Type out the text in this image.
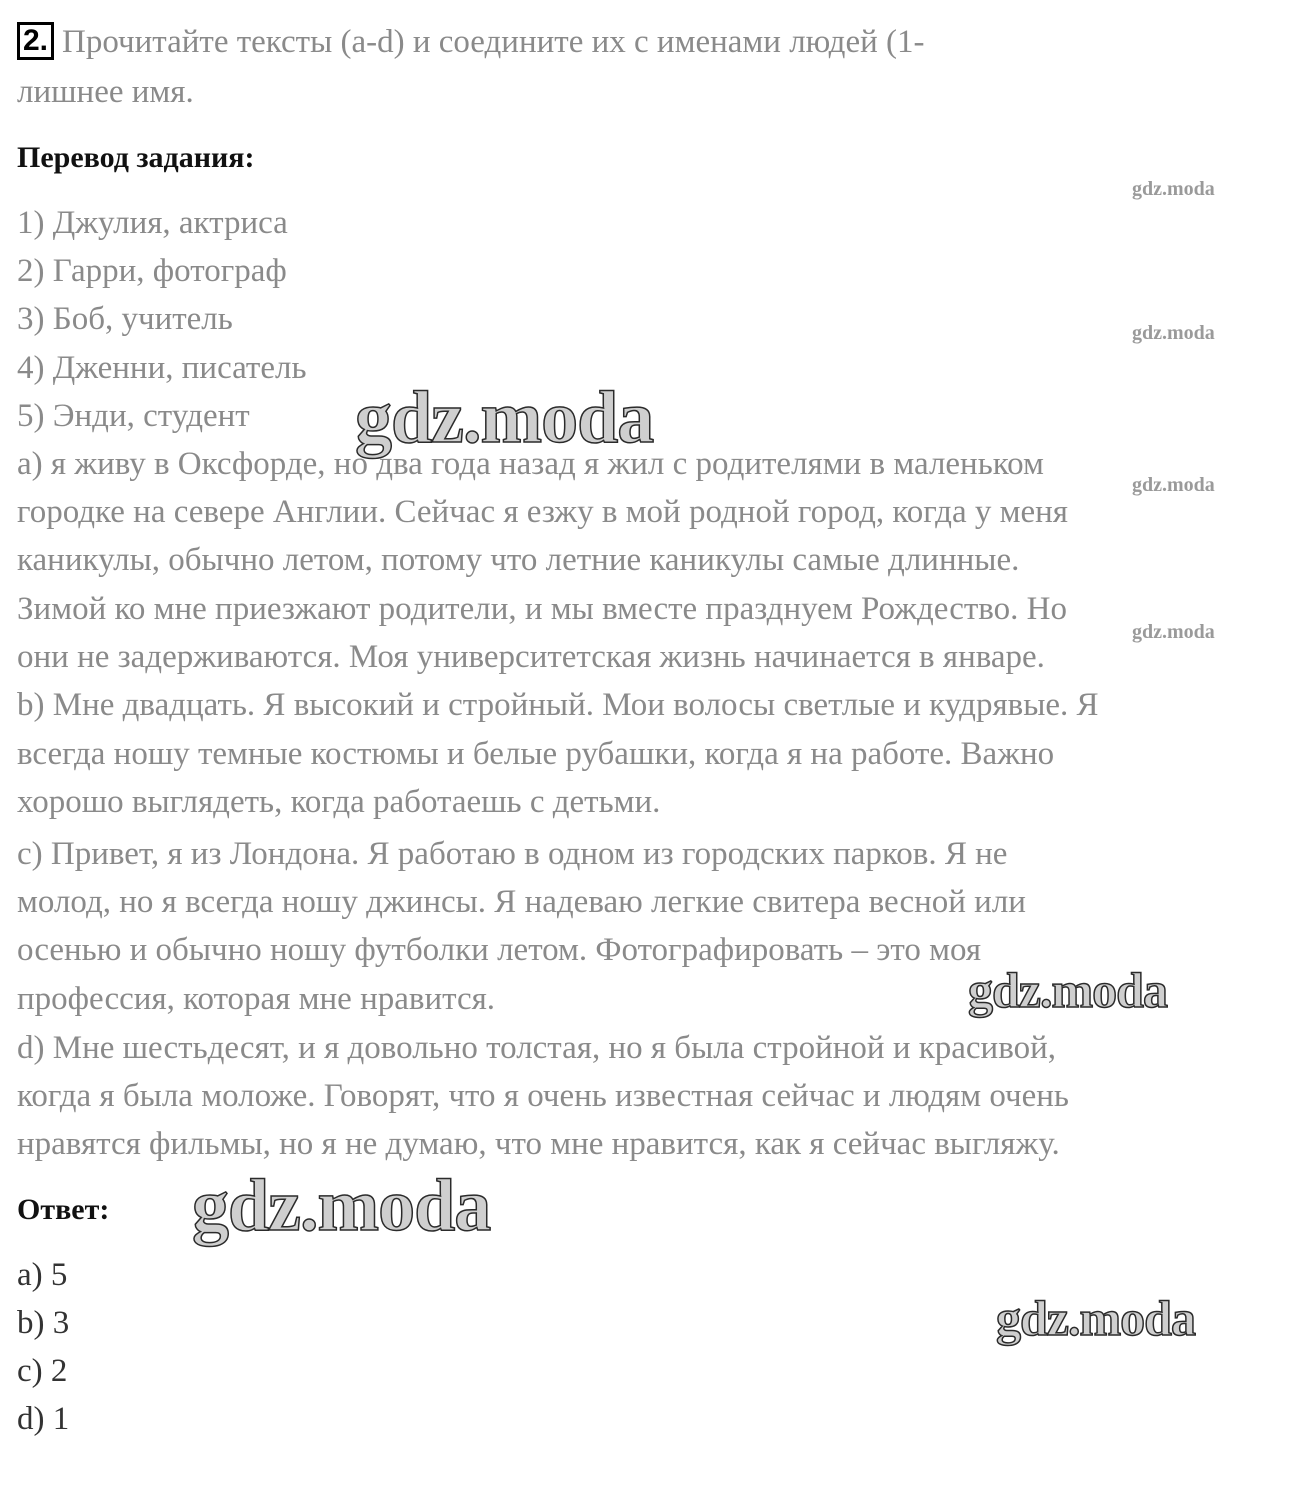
2. Прочитайте тексты (a-d) и соедините их с именами людей (1-
лишнее имя.
Перевод задания:
1) Джулия, актриса
2) Гарри, фотограф
3) Боб, учитель
4) Дженни, писатель
5) Энди, студент
a) я живу в Оксфорде, но два года назад я жил с родителями в маленьком
городке на севере Англии. Сейчас я езжу в мой родной город, когда у меня
каникулы, обычно летом, потому что летние каникулы самые длинные.
Зимой ко мне приезжают родители, и мы вместе празднуем Рождество. Но
они не задерживаются. Моя университетская жизнь начинается в январе.
b) Мне двадцать. Я высокий и стройный. Мои волосы светлые и кудрявые. Я
всегда ношу темные костюмы и белые рубашки, когда я на работе. Важно
хорошо выглядеть, когда работаешь с детьми.
c) Привет, я из Лондона. Я работаю в одном из городских парков. Я не
молод, но я всегда ношу джинсы. Я надеваю легкие свитера весной или
осенью и обычно ношу футболки летом. Фотографировать – это моя
профессия, которая мне нравится.
d) Мне шестьдесят, и я довольно толстая, но я была стройной и красивой,
когда я была моложе. Говорят, что я очень известная сейчас и людям очень
нравятся фильмы, но я не думаю, что мне нравится, как я сейчас выгляжу.
Ответ:
a) 5
b) 3
c) 2
d) 1
gdz.moda
gdz.moda
gdz.moda
gdz.moda
gdz.moda
gdz.moda
gdz.moda
gdz.moda
